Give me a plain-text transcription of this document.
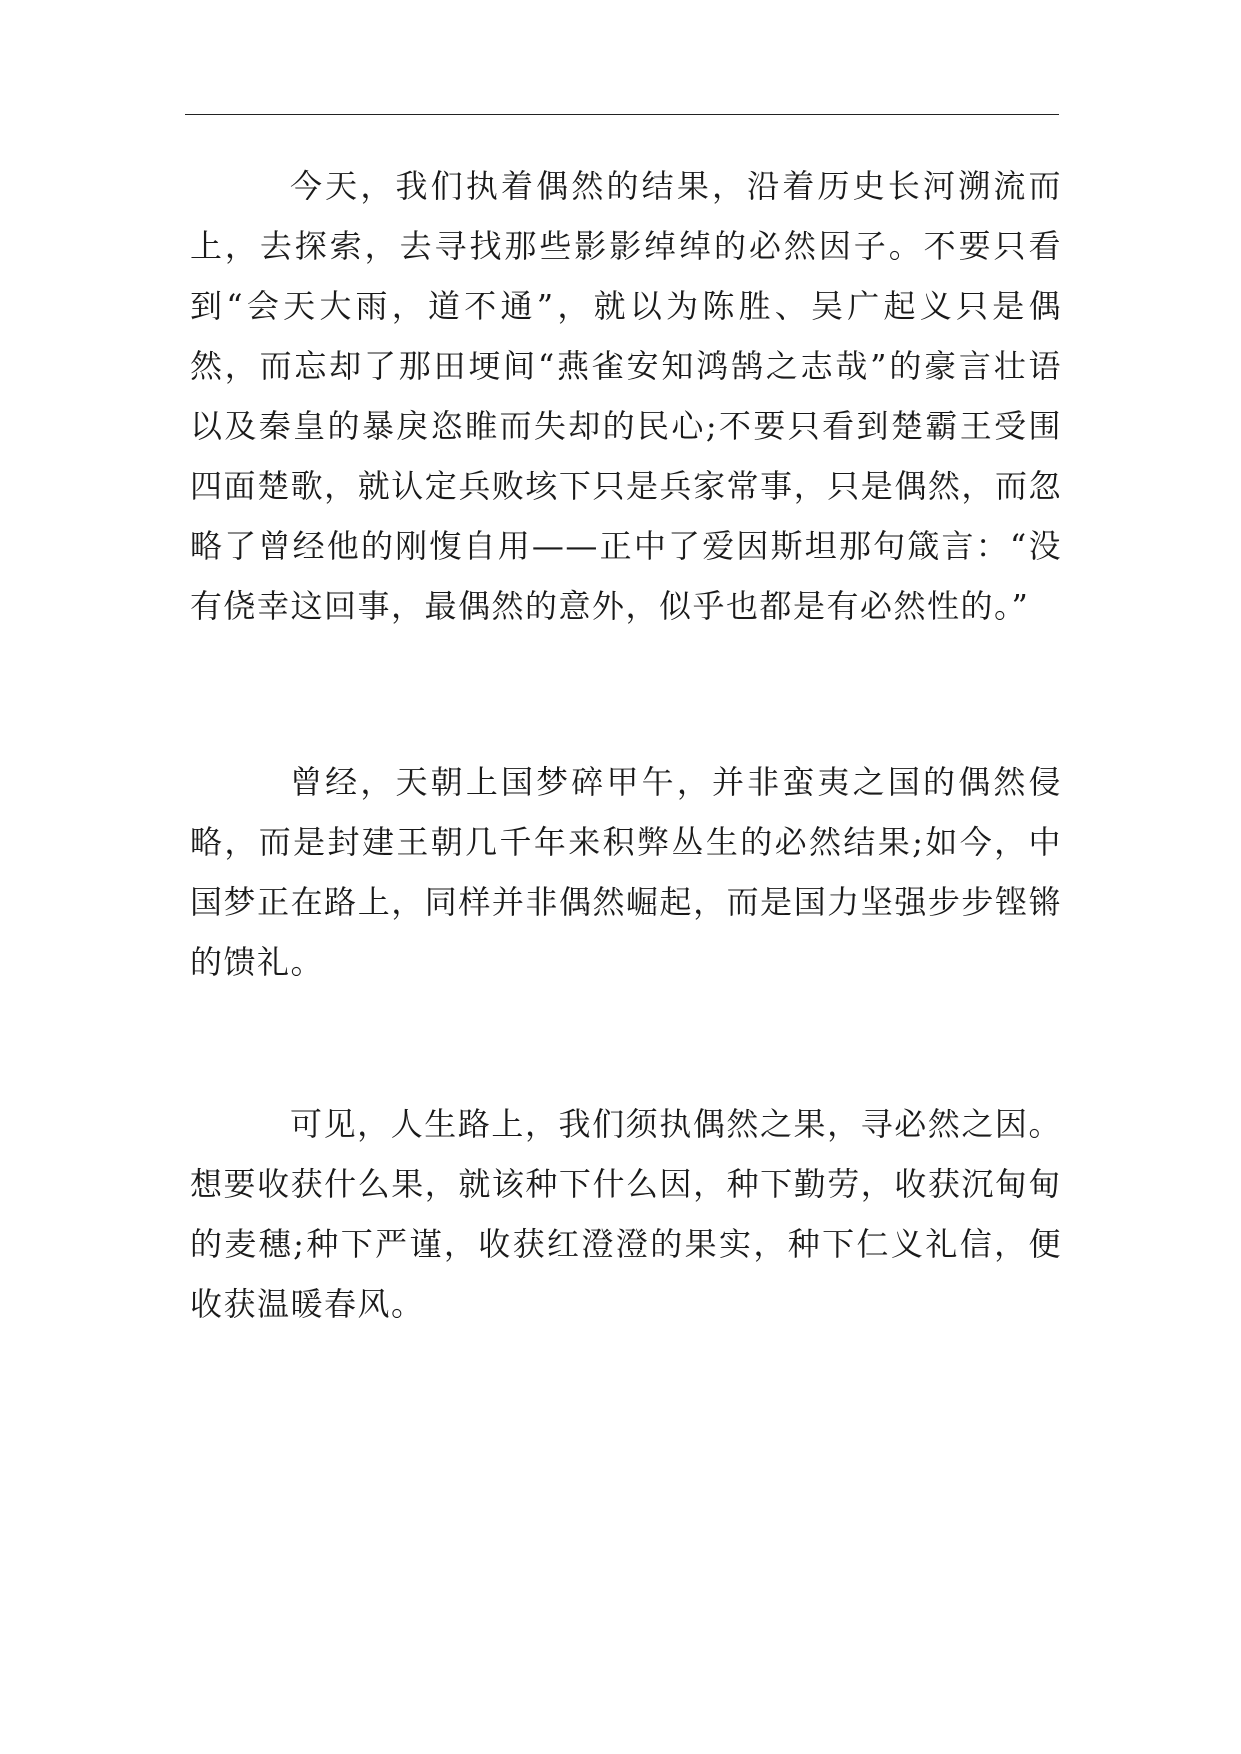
今天，我们执着偶然的结果，沿着历史长河溯流而上，去探索，去寻找那些影影绰绰的必然因子。不要只看到“会天大雨，道不通”，就以为陈胜、吴广起义只是偶然，而忘却了那田埂间“燕雀安知鸿鹄之志哉”的豪言壮语以及秦皇的暴戾恣睢而失却的民心;不要只看到楚霸王受围四面楚歌，就认定兵败垓下只是兵家常事，只是偶然，而忽略了曾经他的刚愎自用——正中了爱因斯坦那句箴言：“没有侥幸这回事，最偶然的意外，似乎也都是有必然性的。”

曾经，天朝上国梦碎甲午，并非蛮夷之国的偶然侵略，而是封建王朝几千年来积弊丛生的必然结果;如今，中国梦正在路上，同样并非偶然崛起，而是国力坚强步步铿锵的馈礼。

可见，人生路上，我们须执偶然之果，寻必然之因。想要收获什么果，就该种下什么因，种下勤劳，收获沉甸甸的麦穗;种下严谨，收获红澄澄的果实，种下仁义礼信，便收获温暖春风。
